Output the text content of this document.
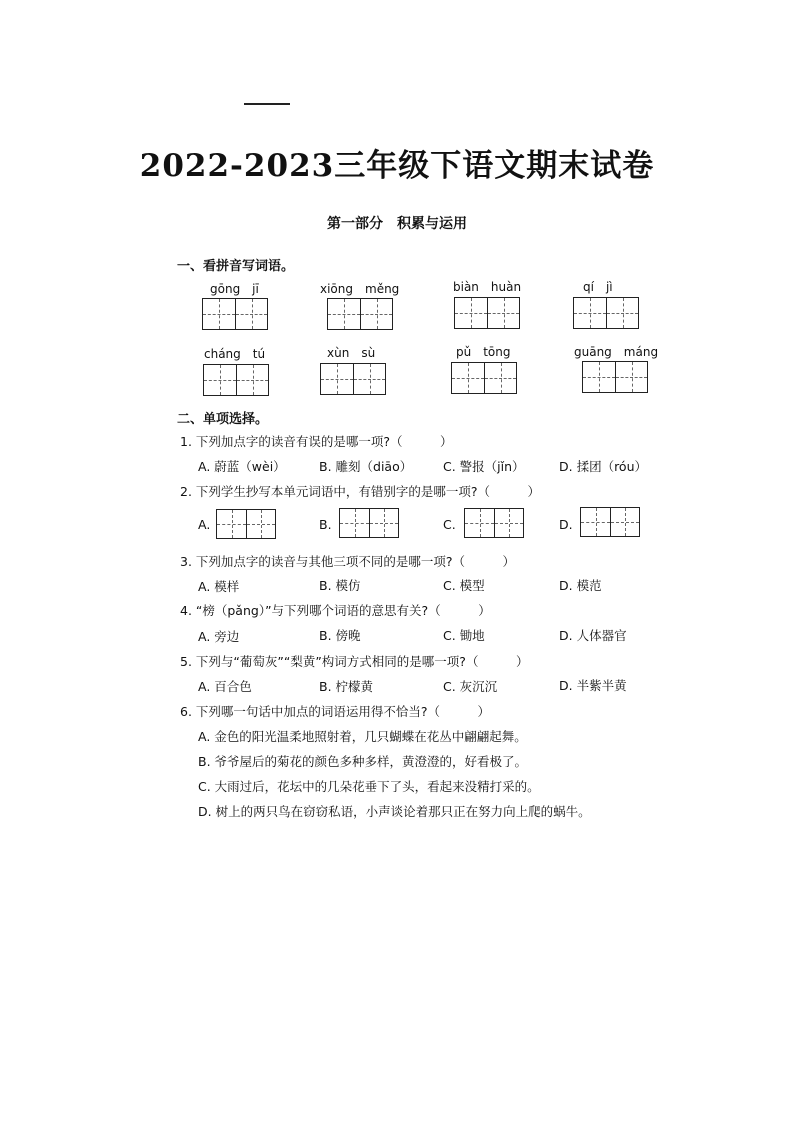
2022-2023三年级下语文期末试卷
第一部分　积累与运用
一、看拼音写词语。
gōng　jī	xiōng　měng	biàn　huàn	qí　jì
cháng　tú	xùn　sù	pǔ　tōng	guāng　máng
二、单项选择。
1. 下列加点字的读音有误的是哪一项?（　　　）
A. 蔚蓝（wèi）	B. 雕刻（diāo） C. 警报（jǐn）	D. 揉团（róu）
2. 下列学生抄写本单元词语中，有错别字的是哪一项?（　　　）
A.	B.	C.	D.
3. 下列加点字的读音与其他三项不同的是哪一项?（　　　）
A. 模样	B. 模仿	C. 模型	D. 模范
4. “榜（pǎng）”与下列哪个词语的意思有关?（　　　）
A. 旁边	B. 傍晚	C. 锄地	D. 人体器官
5. 下列与“葡萄灰”“梨黄”构词方式相同的是哪一项?（　　　）
A. 百合色	B. 柠檬黄	C. 灰沉沉	D. 半紫半黄
6. 下列哪一句话中加点的词语运用得不恰当?（　　　）
A. 金色的阳光温柔地照射着，几只蝴蝶在花丛中翩翩起舞。
B. 爷爷屋后的菊花的颜色多种多样，黄澄澄的，好看极了。
C. 大雨过后，花坛中的几朵花垂下了头，看起来没精打采的。
D. 树上的两只鸟在窃窃私语，小声谈论着那只正在努力向上爬的蜗牛。
